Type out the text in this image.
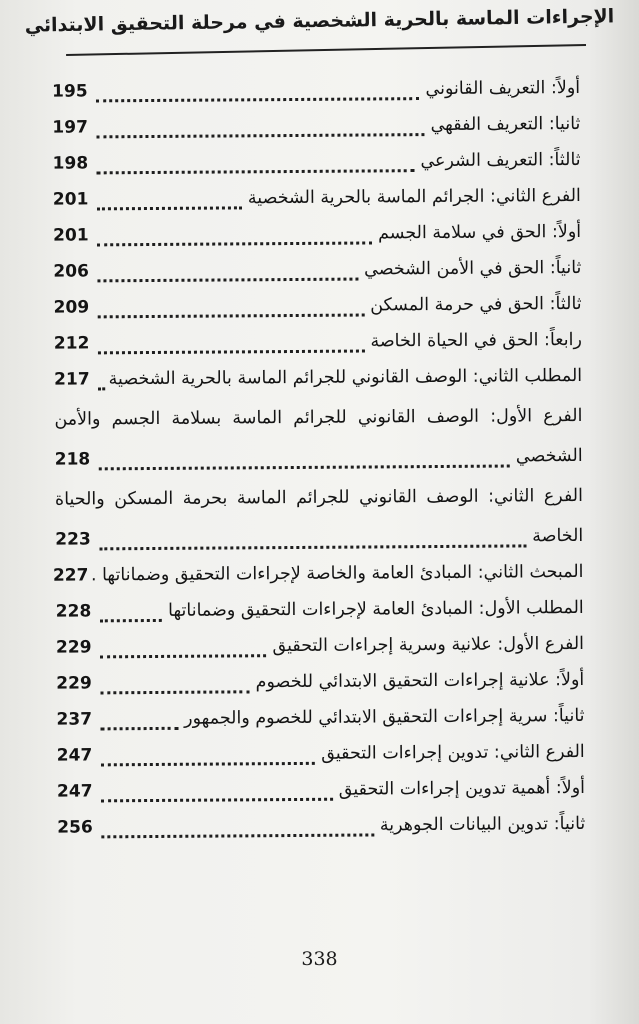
الإجراءات الماسة بالحرية الشخصية في مرحلة التحقيق الابتدائي
أولاً: التعريف القانوني
195
ثانيا: التعريف الفقهي
197
ثالثاً: التعريف الشرعي
198
الفرع الثاني: الجرائم الماسة بالحرية الشخصية
201
أولاً: الحق في سلامة الجسم
201
ثانياً: الحق في الأمن الشخصي
206
ثالثاً: الحق في حرمة المسكن
209
رابعاً: الحق في الحياة الخاصة
212
المطلب الثاني: الوصف القانوني للجرائم الماسة بالحرية الشخصية
217
الفرع الأول: الوصف القانوني للجرائم الماسة بسلامة الجسم والأمن
الشخصي
218
الفرع الثاني: الوصف القانوني للجرائم الماسة بحرمة المسكن والحياة
الخاصة
223
المبحث الثاني: المبادئ العامة والخاصة لإجراءات التحقيق وضماناتها .
227
المطلب الأول: المبادئ العامة لإجراءات التحقيق وضماناتها
228
الفرع الأول: علانية وسرية إجراءات التحقيق
229
أولاً: علانية إجراءات التحقيق الابتدائي للخصوم
229
ثانياً: سرية إجراءات التحقيق الابتدائي للخصوم والجمهور
237
الفرع الثاني: تدوين إجراءات التحقيق
247
أولاً: أهمية تدوين إجراءات التحقيق
247
ثانياً: تدوين البيانات الجوهرية
256
338
